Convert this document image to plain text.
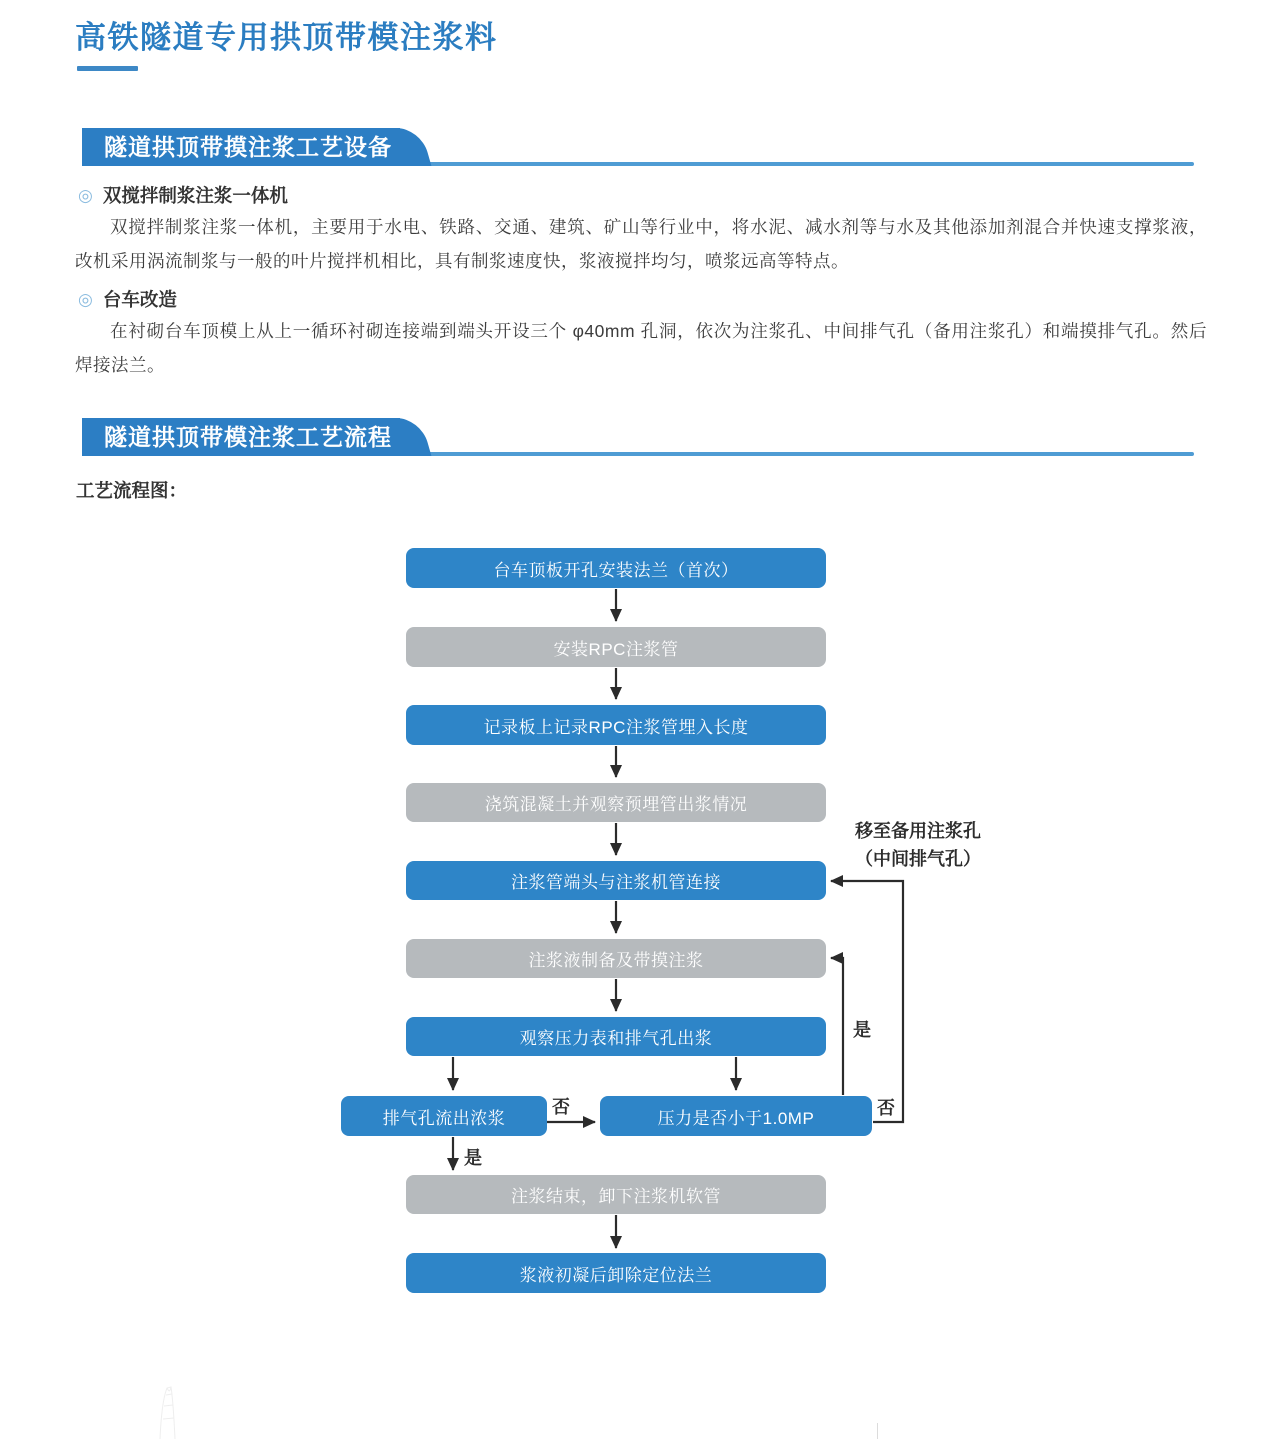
高铁隧道专用拱顶带模注浆料
隧道拱顶带摸注浆工艺设备
◎ 双搅拌制浆注浆一体机
双搅拌制浆注浆一体机，主要用于水电、铁路、交通、建筑、矿山等行业中，将水泥、减水剂等与水及其他添加剂混合并快速支撑浆液，改机采用涡流制浆与一般的叶片搅拌机相比，具有制浆速度快，浆液搅拌均匀，喷浆远高等特点。
◎ 台车改造
在衬砌台车顶模上从上一循环衬砌连接端到端头开设三个 φ40mm 孔洞，依次为注浆孔、中间排气孔（备用注浆孔）和端摸排气孔。然后焊接法兰。
隧道拱顶带模注浆工艺流程
工艺流程图：
台车顶板开孔安装法兰（首次）
安装RPC注浆管
记录板上记录RPC注浆管埋入长度
浇筑混凝土并观察预埋管出浆情况
注浆管端头与注浆机管连接
注浆液制备及带摸注浆
观察压力表和排气孔出浆
排气孔流出浓浆	压力是否小于1.0MP
注浆结束，卸下注浆机软管
浆液初凝后卸除定位法兰
否
是
是
否
移至备用注浆孔
（中间排气孔）
